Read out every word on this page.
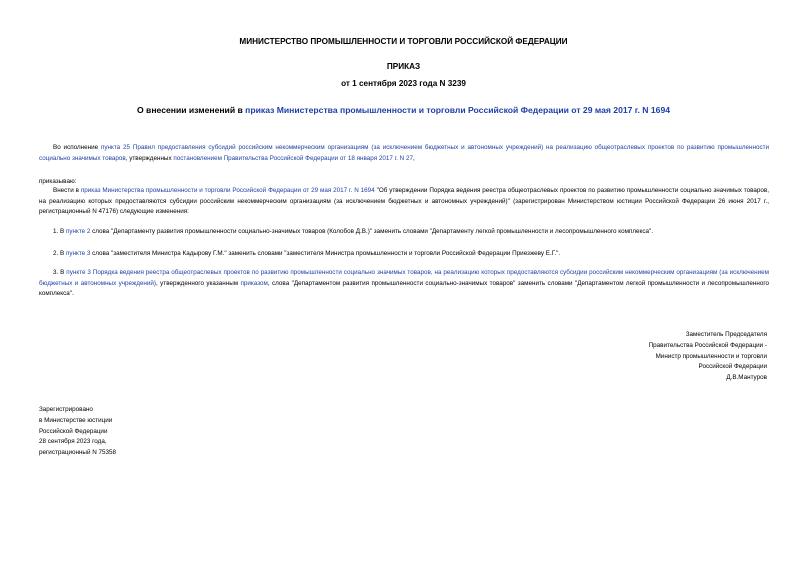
МИНИСТЕРСТВО ПРОМЫШЛЕННОСТИ И ТОРГОВЛИ РОССИЙСКОЙ ФЕДЕРАЦИИ
ПРИКАЗ
от 1 сентября 2023 года N 3239
О внесении изменений в приказ Министерства промышленности и торговли Российской Федерации от 29 мая 2017 г. N 1694
Во исполнение пункта 25 Правил предоставления субсидий российским некоммерческим организациям (за исключением бюджетных и автономных учреждений) на реализацию общеотраслевых проектов по развитию промышленности социально значимых товаров, утвержденных постановлением Правительства Российской Федерации от 18 января 2017 г. N 27,
приказываю:
Внести в приказ Министерства промышленности и торговли Российской Федерации от 29 мая 2017 г. N 1694 "Об утверждении Порядка ведения реестра общеотраслевых проектов по развитию промышленности социально значимых товаров, на реализацию которых предоставляются субсидии российским некоммерческим организациям (за исключением бюджетных и автономных учреждений)" (зарегистрирован Министерством юстиции Российской Федерации 26 июня 2017 г., регистрационный N 47176) следующие изменения:
1. В пункте 2 слова "Департаменту развития промышленности социально-значимых товаров (Колобов Д.В.)" заменить словами "Департаменту легкой промышленности и лесопромышленного комплекса".
2. В пункте 3 слова "заместителя Министра Кадырову Г.М." заменить словами "заместителя Министра промышленности и торговли Российской Федерации Приезжеву Е.Г.".
3. В пункте 3 Порядка ведения реестра общеотраслевых проектов по развитию промышленности социально значимых товаров, на реализацию которых предоставляются субсидии российским некоммерческим организациям (за исключением бюджетных и автономных учреждений), утвержденного указанным приказом, слова "Департаментом развития промышленности социально-значимых товаров" заменить словами "Департаментом легкой промышленности и лесопромышленного комплекса".
Заместитель Председателя
Правительства Российской Федерации -
Министр промышленности и торговли
Российской Федерации
Д.В.Мантуров
Зарегистрировано
в Министерстве юстиции
Российской Федерации
28 сентября 2023 года,
регистрационный N 75358
